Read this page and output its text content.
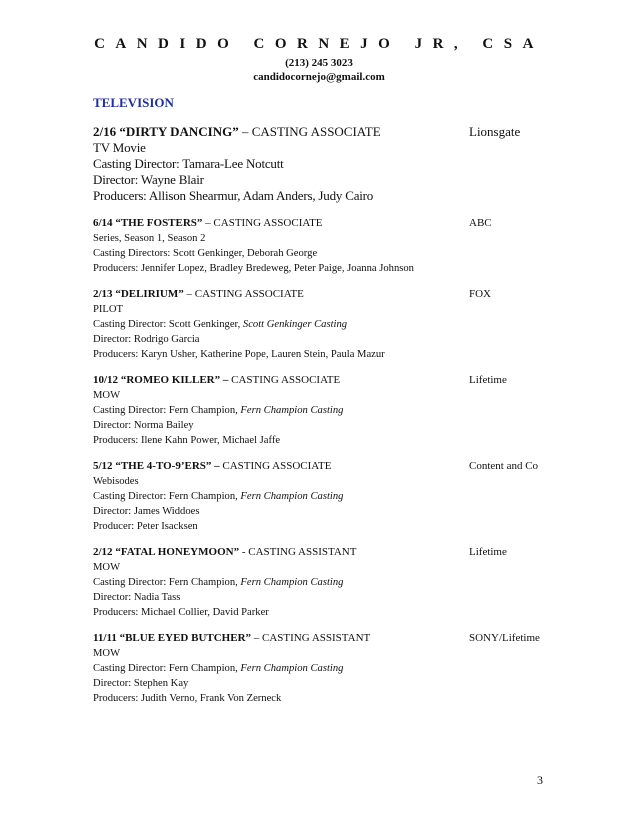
CANDIDO CORNEJO JR, CSA
(213) 245 3023
candidocornejo@gmail.com
TELEVISION
2/16 “DIRTY DANCING” – CASTING ASSOCIATE	Lionsgate
TV Movie
Casting Director: Tamara-Lee Notcutt
Director: Wayne Blair
Producers: Allison Shearmur, Adam Anders, Judy Cairo
6/14 “THE FOSTERS” – CASTING ASSOCIATE	ABC
Series, Season 1, Season 2
Casting Directors: Scott Genkinger, Deborah George
Producers: Jennifer Lopez, Bradley Bredeweg, Peter Paige, Joanna Johnson
2/13 “DELIRIUM” – CASTING ASSOCIATE	FOX
PILOT
Casting Director: Scott Genkinger, Scott Genkinger Casting
Director: Rodrigo Garcia
Producers: Karyn Usher, Katherine Pope, Lauren Stein, Paula Mazur
10/12 “ROMEO KILLER” – CASTING ASSOCIATE	Lifetime
MOW
Casting Director: Fern Champion, Fern Champion Casting
Director: Norma Bailey
Producers: Ilene Kahn Power, Michael Jaffe
5/12 “THE 4-TO-9’ERS” – CASTING ASSOCIATE	Content and Co
Webisodes
Casting Director: Fern Champion, Fern Champion Casting
Director: James Widdoes
Producer: Peter Isacksen
2/12 “FATAL HONEYMOON” - CASTING ASSISTANT	Lifetime
MOW
Casting Director: Fern Champion, Fern Champion Casting
Director: Nadia Tass
Producers: Michael Collier, David Parker
11/11 “BLUE EYED BUTCHER” – CASTING ASSISTANT	SONY/Lifetime
MOW
Casting Director: Fern Champion, Fern Champion Casting
Director: Stephen Kay
Producers: Judith Verno, Frank Von Zerneck
3
